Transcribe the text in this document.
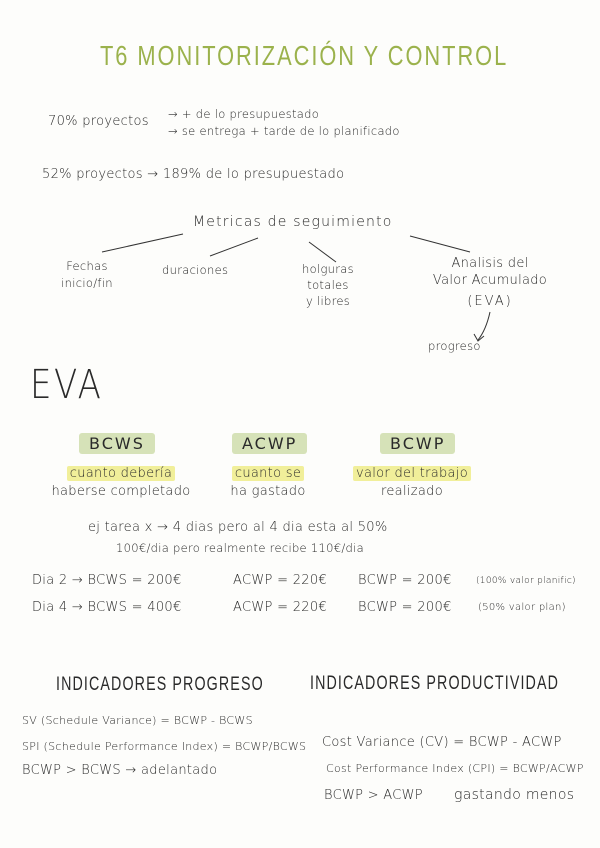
T6 MONITORIZACIÓN Y CONTROL
70% proyectos → + de lo presupuestado
→ se entrega + tarde de lo planificado
52% proyectos → 189% de lo presupuestado
Metricas de seguimiento
Fechas
inicio/fin
duraciones	holguras
totales
y libres
Analisis del
Valor Acumulado
(EVA)
progreso
EVA
BCWS	ACWP	BCWP
cuanto debería
haberse completado
cuanto se
ha gastado
valor del trabajo
realizado
ej tarea x → 4 dias pero al 4 dia esta al 50%
100€/dia pero realmente recibe 110€/dia
Dia 2 → BCWS = 200€	ACWP = 220€ BCWP = 200€	(100% valor planific)
Dia 4 → BCWS = 400€	ACWP = 220€ BCWP = 200€	(50% valor plan)
INDICADORES PROGRESO INDICADORES PRODUCTIVIDAD
SV (Schedule Variance) = BCWP - BCWS
SPI (Schedule Performance Index) = BCWP/BCWS
BCWP > BCWS → adelantado
Cost Variance (CV) = BCWP - ACWP
Cost Performance Index (CPI) = BCWP/ACWP
BCWP > ACWP gastando menos
